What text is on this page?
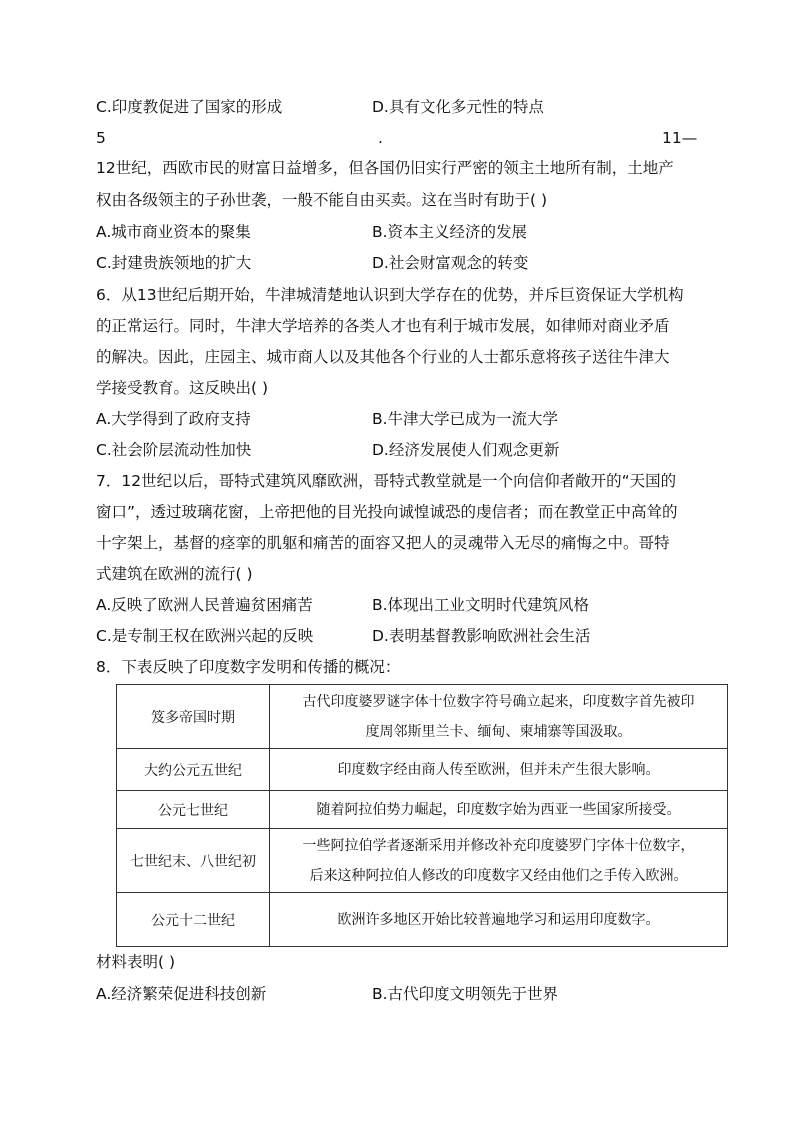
C.印度教促进了国家的形成	D.具有文化多元性的特点
5	.	11—
12世纪，西欧市民的财富日益增多，但各国仍旧实行严密的领主土地所有制，土地产
权由各级领主的子孙世袭，一般不能自由买卖。这在当时有助于( )
A.城市商业资本的聚集	B.资本主义经济的发展
C.封建贵族领地的扩大	D.社会财富观念的转变
6．从13世纪后期开始，牛津城清楚地认识到大学存在的优势，并斥巨资保证大学机构
的正常运行。同时，牛津大学培养的各类人才也有利于城市发展，如律师对商业矛盾
的解决。因此，庄园主、城市商人以及其他各个行业的人士都乐意将孩子送往牛津大
学接受教育。这反映出( )
A.大学得到了政府支持	B.牛津大学已成为一流大学
C.社会阶层流动性加快	D.经济发展使人们观念更新
7．12世纪以后，哥特式建筑风靡欧洲，哥特式教堂就是一个向信仰者敞开的“天国的
窗口”，透过玻璃花窗，上帝把他的目光投向诚惶诚恐的虔信者；而在教堂正中高耸的
十字架上，基督的痉挛的肌躯和痛苦的面容又把人的灵魂带入无尽的痛悔之中。哥特
式建筑在欧洲的流行( )
A.反映了欧洲人民普遍贫困痛苦	B.体现出工业文明时代建筑风格
C.是专制王权在欧洲兴起的反映	D.表明基督教影响欧洲社会生活
8．下表反映了印度数字发明和传播的概况：
笈多帝国时期	古代印度婆罗谜字体十位数字符号确立起来，印度数字首先被印
度周邻斯里兰卡、缅甸、柬埔寨等国汲取。

大约公元五世纪	印度数字经由商人传至欧洲，但并未产生很大影响。
公元七世纪	随着阿拉伯势力崛起，印度数字始为西亚一些国家所接受。
七世纪末、八世纪初	一些阿拉伯学者逐渐采用并修改补充印度婆罗门字体十位数字，
后来这种阿拉伯人修改的印度数字又经由他们之手传入欧洲。

公元十二世纪	欧洲许多地区开始比较普遍地学习和运用印度数字。
材料表明( )
A.经济繁荣促进科技创新	B.古代印度文明领先于世界
